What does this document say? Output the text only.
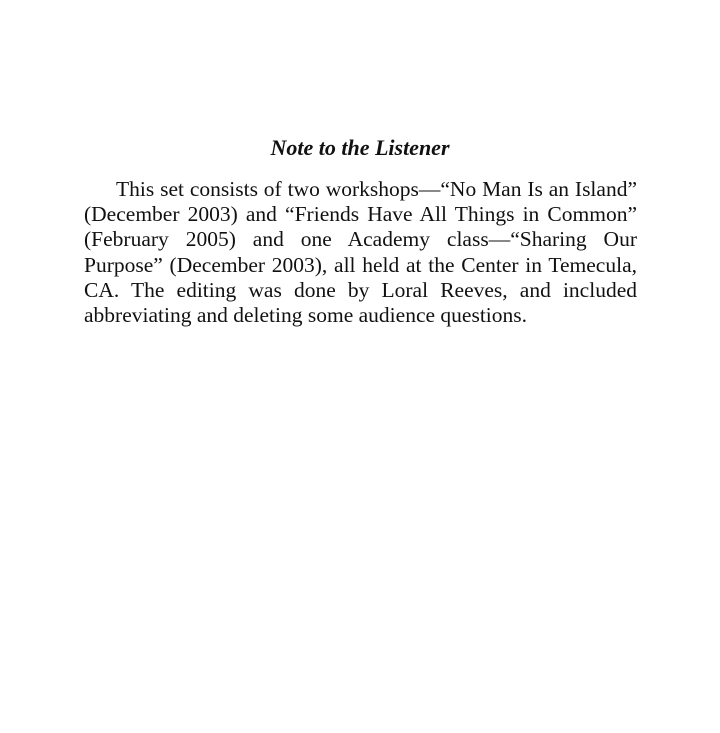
Note to the Listener

This set consists of two workshops—“No Man Is an Island” (December 2003) and “Friends Have All Things in Common” (February 2005) and one Academy class—“Sharing Our Purpose” (December 2003), all held at the Center in Temecula, CA. The editing was done by Loral Reeves, and included abbreviating and deleting some audience questions.
